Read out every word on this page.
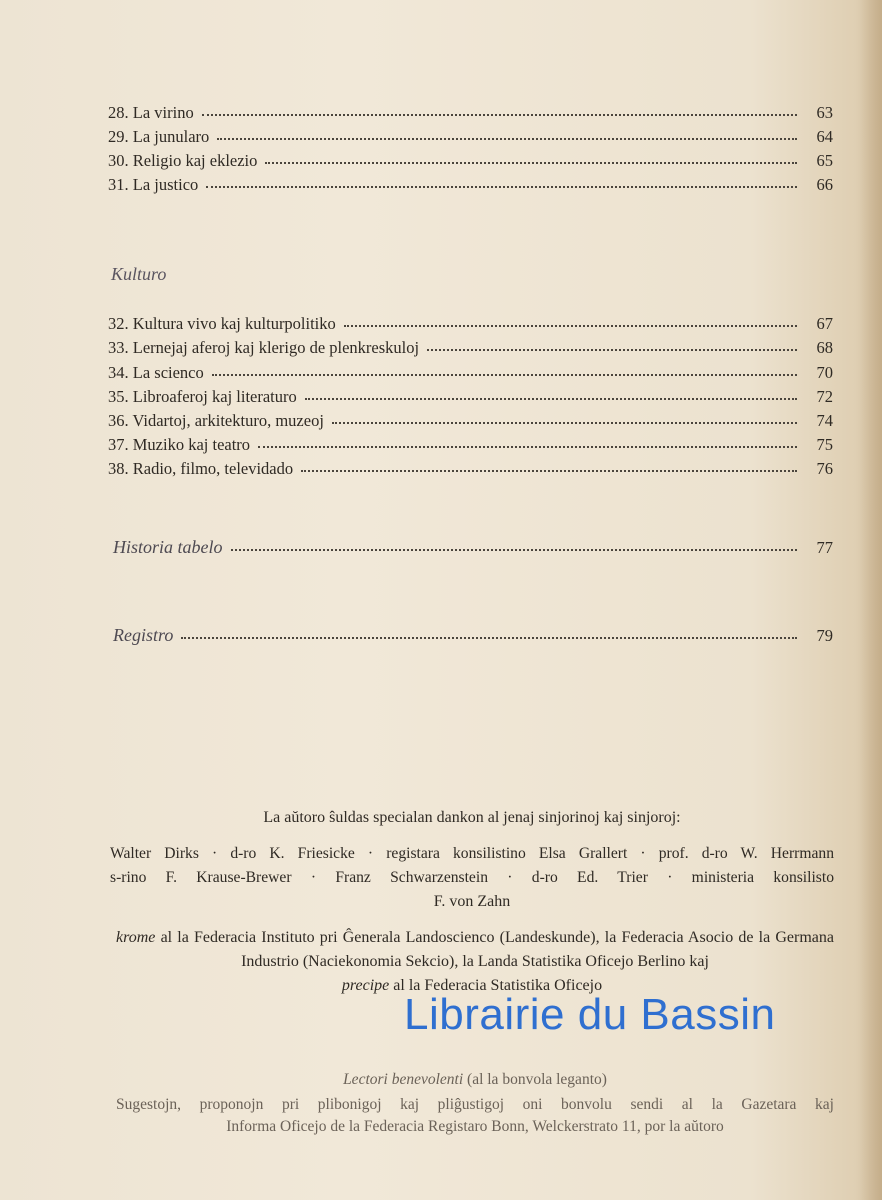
28. La virino	63
29. La junularo	64
30. Religio kaj eklezio	65
31. La justico	66
Kulturo
32. Kultura vivo kaj kulturpolitiko	67
33. Lernejaj aferoj kaj klerigo de plenkreskuloj	68
34. La scienco	70
35. Libroaferoj kaj literaturo	72
36. Vidartoj, arkitekturo, muzeoj	74
37. Muziko kaj teatro	75
38. Radio, filmo, televidado	76
Historia tabelo	77
Registro	79
La aŭtoro ŝuldas specialan dankon al jenaj sinjorinoj kaj sinjoroj:
Walter Dirks · d-ro K. Friesicke · registara konsilistino Elsa Grallert · prof. d-ro W. Herrmann
s-rino F. Krause-Brewer · Franz Schwarzenstein · d-ro Ed. Trier · ministeria konsilisto
F. von Zahn
krome al la Federacia Instituto pri Ĝenerala Landoscienco (Landeskunde), la Federacia Asocio de la Germana Industrio (Naciekonomia Sekcio), la Landa Statistika Oficejo Berlino kaj
precipe al la Federacia Statistika Oficejo
Librairie du Bassin
Lectori benevolenti (al la bonvola leganto)
Sugestojn, proponojn pri plibonigoj kaj pliĝustigoj oni bonvolu sendi al la Gazetara kaj
Informa Oficejo de la Federacia Registaro Bonn, Welckerstrato 11, por la aŭtoro
